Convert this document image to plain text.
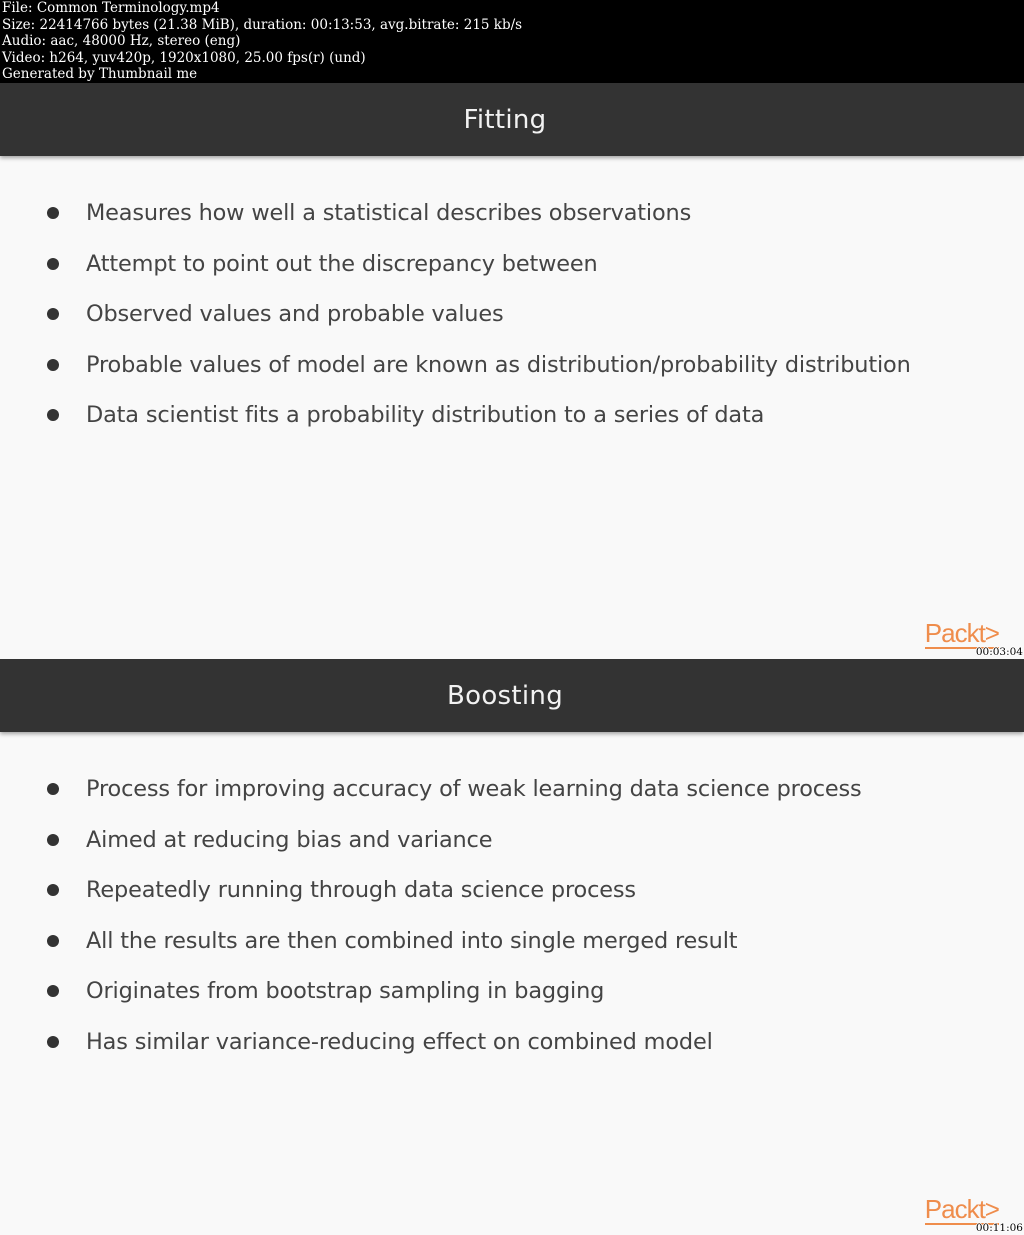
File: Common Terminology.mp4
Size: 22414766 bytes (21.38 MiB), duration: 00:13:53, avg.bitrate: 215 kb/s
Audio: aac, 48000 Hz, stereo (eng)
Video: h264, yuv420p, 1920x1080, 25.00 fps(r) (und)
Generated by Thumbnail me
Fitting
Measures how well a statistical describes observations
Attempt to point out the discrepancy between
Observed values and probable values
Probable values of model are known as distribution/probability distribution
Data scientist fits a probability distribution to a series of data
Packt>
00:03:04
Boosting
Process for improving accuracy of weak learning data science process
Aimed at reducing bias and variance
Repeatedly running through data science process
All the results are then combined into single merged result
Originates from bootstrap sampling in bagging
Has similar variance-reducing effect on combined model
Packt>
00:11:06
